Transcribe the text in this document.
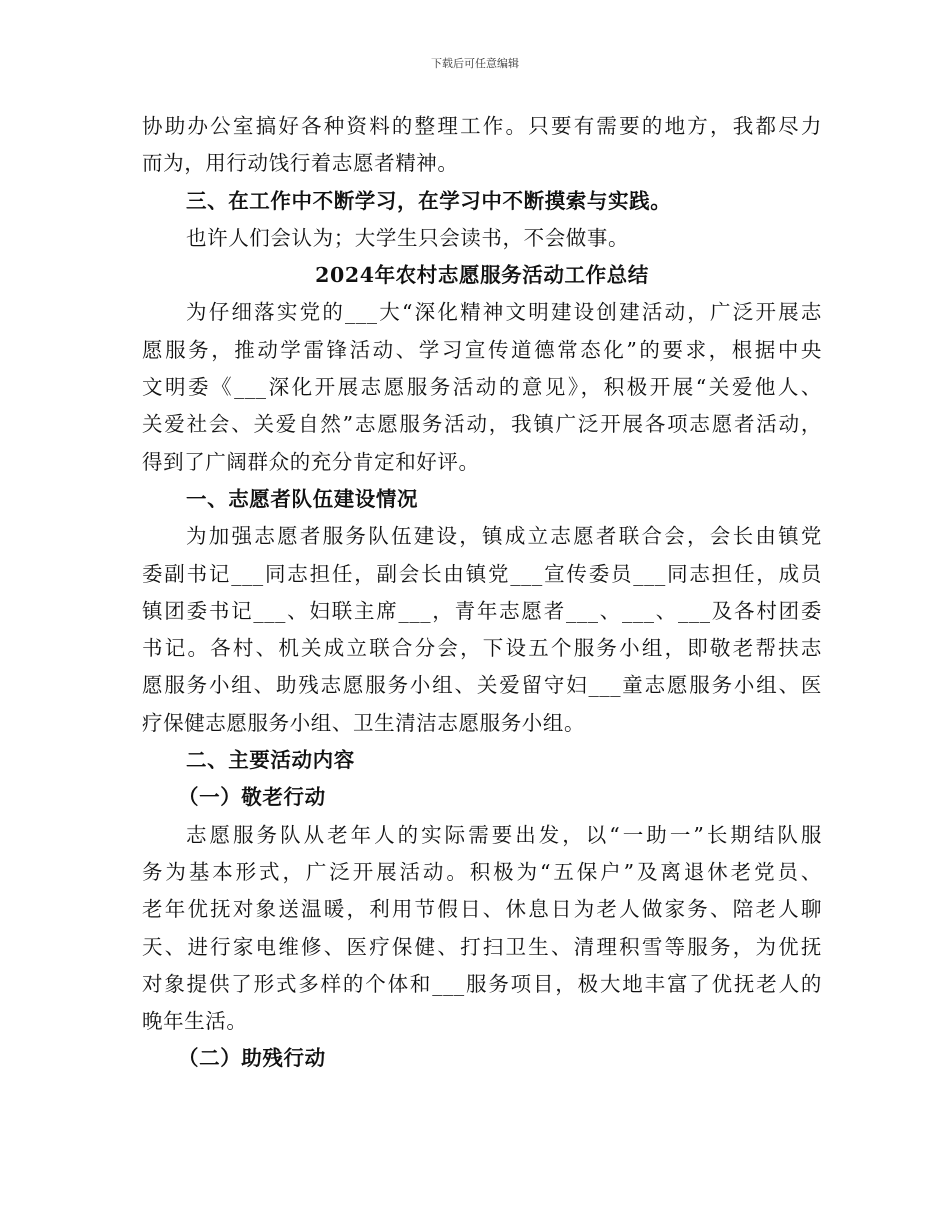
下载后可任意编辑
协助办公室搞好各种资料的整理工作。只要有需要的地方，我都尽力
而为，用行动饯行着志愿者精神。
三、在工作中不断学习，在学习中不断摸索与实践。
也许人们会认为；大学生只会读书，不会做事。
2024年农村志愿服务活动工作总结
为仔细落实党的___大“深化精神文明建设创建活动，广泛开展志
愿服务，推动学雷锋活动、学习宣传道德常态化”的要求，根据中央
文明委《___深化开展志愿服务活动的意见》，积极开展“关爱他人、
关爱社会、关爱自然”志愿服务活动，我镇广泛开展各项志愿者活动，
得到了广阔群众的充分肯定和好评。
一、志愿者队伍建设情况
为加强志愿者服务队伍建设，镇成立志愿者联合会，会长由镇党
委副书记___同志担任，副会长由镇党___宣传委员___同志担任，成员
镇团委书记___、妇联主席___，青年志愿者___、___、___及各村团委
书记。各村、机关成立联合分会，下设五个服务小组，即敬老帮扶志
愿服务小组、助残志愿服务小组、关爱留守妇___童志愿服务小组、医
疗保健志愿服务小组、卫生清洁志愿服务小组。
二、主要活动内容
（一）敬老行动
志愿服务队从老年人的实际需要出发，以“一助一”长期结队服
务为基本形式，广泛开展活动。积极为“五保户”及离退休老党员、
老年优抚对象送温暖，利用节假日、休息日为老人做家务、陪老人聊
天、进行家电维修、医疗保健、打扫卫生、清理积雪等服务，为优抚
对象提供了形式多样的个体和___服务项目，极大地丰富了优抚老人的
晚年生活。
（二）助残行动
